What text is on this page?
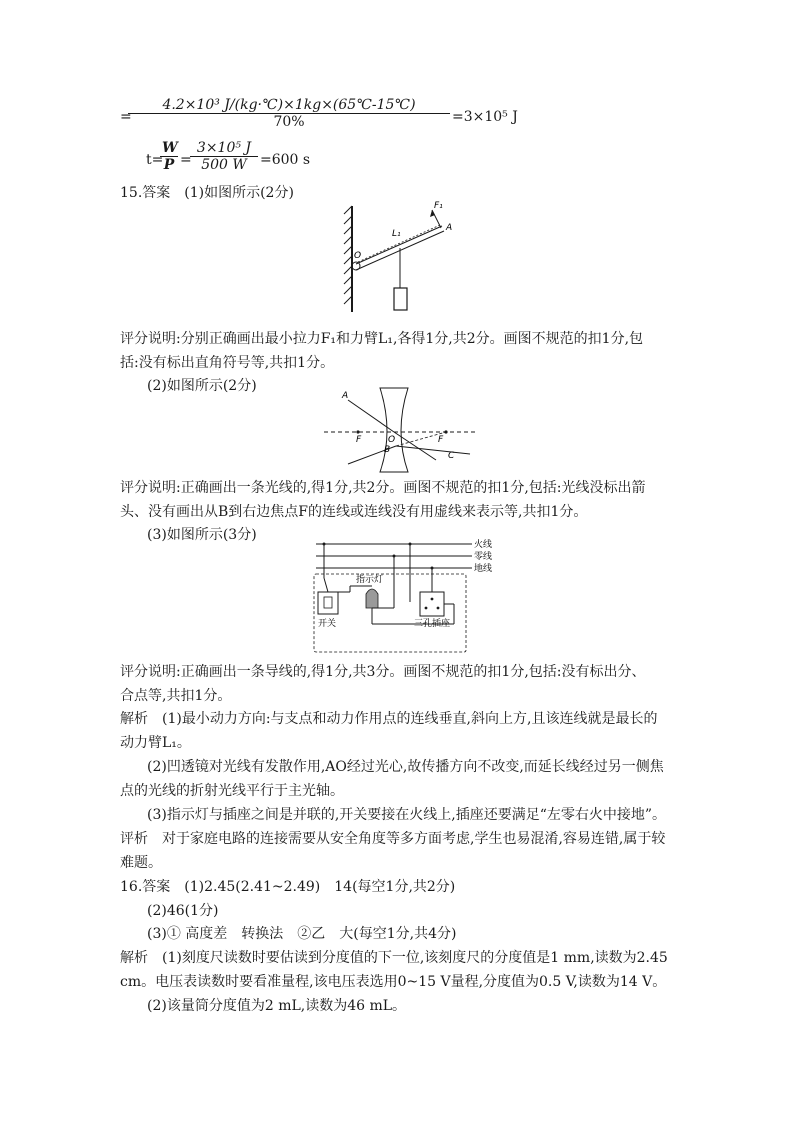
=
$\frac{\text{4.2×10³ J/(kg·℃)×1kg×(65℃-15℃)}}{70\%} =3\times 10^5$ J
t=
$\frac{W}{P}$ =
$\frac{\text{3×10⁵ J}}{500 W} =600$ s
15.答案　(1)如图所示(2分)
F₁
L₁
O
A
评分说明:分别正确画出最小拉力F₁和力臂L₁,各得1分,共2分。画图不规范的扣1分,包
括:没有标出直角符号等,共扣1分。
(2)如图所示(2分)
A
F	O
B
F
C
评分说明:正确画出一条光线的,得1分,共2分。画图不规范的扣1分,包括:光线没标出箭
头、没有画出从B到右边焦点F的连线或连线没有用虚线来表示等,共扣1分。
(3)如图所示(3分)
火线
零线
地线
开关
指示灯
三孔插座
评分说明:正确画出一条导线的,得1分,共3分。画图不规范的扣1分,包括:没有标出分、
合点等,共扣1分。
解析　(1)最小动力方向:与支点和动力作用点的连线垂直,斜向上方,且该连线就是最长的
动力臂L₁。
(2)凹透镜对光线有发散作用,AO经过光心,故传播方向不改变,而延长线经过另一侧焦
点的光线的折射光线平行于主光轴。
(3)指示灯与插座之间是并联的,开关要接在火线上,插座还要满足“左零右火中接地”。
评析　对于家庭电路的连接需要从安全角度等多方面考虑,学生也易混淆,容易连错,属于较
难题。
16.答案　(1)2.45(2.41~2.49)　14(每空1分,共2分)
(2)46(1分)
(3)① 高度差　转换法　②乙　大(每空1分,共4分)
解析　(1)刻度尺读数时要估读到分度值的下一位,该刻度尺的分度值是1 mm,读数为2.45
cm。电压表读数时要看准量程,该电压表选用0~15 V量程,分度值为0.5 V,读数为14 V。
(2)该量筒分度值为2 mL,读数为46 mL。
